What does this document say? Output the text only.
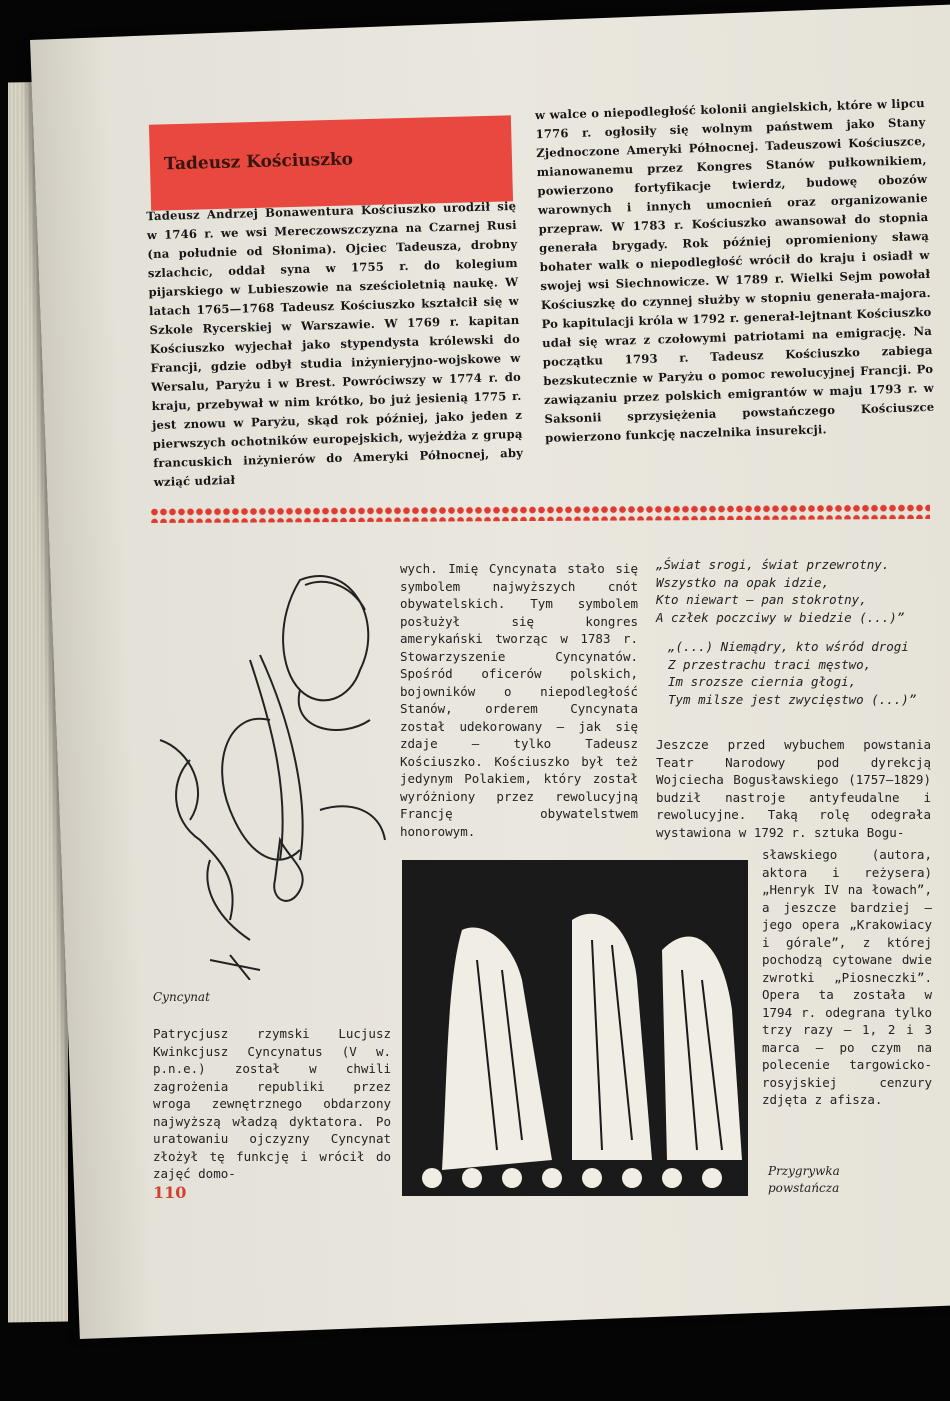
Tadeusz Kościuszko
Tadeusz Andrzej Bonawentura Kościuszko urodził się w 1746 r. we wsi Mereczowszczyzna na Czarnej Rusi (na południe od Słonima). Ojciec Tadeusza, drobny szlachcic, oddał syna w 1755 r. do kolegium pijarskiego w Lubieszowie na sześcioletnią naukę. W latach 1765—1768 Tadeusz Kościuszko kształcił się w Szkole Rycerskiej w Warszawie. W 1769 r. kapitan Kościuszko wyjechał jako stypendysta królewski do Francji, gdzie odbył studia inżynieryjno-wojskowe w Wersalu, Paryżu i w Brest. Powróciwszy w 1774 r. do kraju, przebywał w nim krótko, bo już jesienią 1775 r. jest znowu w Paryżu, skąd rok później, jako jeden z pierwszych ochotników europejskich, wyjeżdża z grupą francuskich inżynierów do Ameryki Północnej, aby wziąć udział
w walce o niepodległość kolonii angielskich, które w lipcu 1776 r. ogłosiły się wolnym państwem jako Stany Zjednoczone Ameryki Północnej. Tadeuszowi Kościuszce, mianowanemu przez Kongres Stanów pułkownikiem, powierzono fortyfikacje twierdz, budowę obozów warownych i innych umocnień oraz organizowanie przepraw. W 1783 r. Kościuszko awansował do stopnia generała brygady. Rok później opromieniony sławą bohater walk o niepodległość wrócił do kraju i osiadł w swojej wsi Siechnowicze. W 1789 r. Wielki Sejm powołał Kościuszkę do czynnej służby w stopniu generała-majora. Po kapitulacji króla w 1792 r. generał-lejtnant Kościuszko udał się wraz z czołowymi patriotami na emigrację. Na początku 1793 r. Tadeusz Kościuszko zabiega bezskutecznie w Paryżu o pomoc rewolucyjnej Francji. Po zawiązaniu przez polskich emigrantów w maju 1793 r. w Saksonii sprzysiężenia powstańczego Kościuszce powierzono funkcję naczelnika insurekcji.
wych. Imię Cyncynata stało się symbolem najwyższych cnót obywatelskich. Tym symbolem posłużył się kongres amerykański tworząc w 1783 r. Stowarzyszenie Cyncynatów. Spośród oficerów polskich, bojowników o niepodległość Stanów, orderem Cyncynata został udekorowany — jak się zdaje — tylko Tadeusz Kościuszko. Kościuszko był też jedynym Polakiem, który został wyróżniony przez rewolucyjną Francję obywatelstwem honorowym.
Cyncynat
Patrycjusz rzymski Lucjusz Kwinkcjusz Cyncynatus (V w. p.n.e.) został w chwili zagrożenia republiki przez wroga zewnętrznego obdarzony najwyższą władzą dyktatora. Po uratowaniu ojczyzny Cyncynat złożył tę funkcję i wrócił do zajęć domo-
„Świat srogi, świat przewrotny.
Wszystko na opak idzie,
Kto niewart — pan stokrotny,
A człek poczciwy w biedzie (...)”
„(...) Niemądry, kto wśród drogi
Z przestrachu traci męstwo,
Im srozsze ciernia głogi,
Tym milsze jest zwycięstwo (...)”
Jeszcze przed wybuchem powstania Teatr Narodowy pod dyrekcją Wojciecha Bogusławskiego (1757—1829) budził nastroje antyfeudalne i rewolucyjne. Taką rolę odegrała wystawiona w 1792 r. sztuka Bogu-
sławskiego (autora, aktora i reżysera) „Henryk IV na łowach”, a jeszcze bardziej — jego opera „Krakowiacy i górale”, z której pochodzą cytowane dwie zwrotki „Piosneczki”. Opera ta została w 1794 r. odegrana tylko trzy razy — 1, 2 i 3 marca — po czym na polecenie targowicko-rosyjskiej cenzury zdjęta z afisza.
Przygrywka powstańcza
110
